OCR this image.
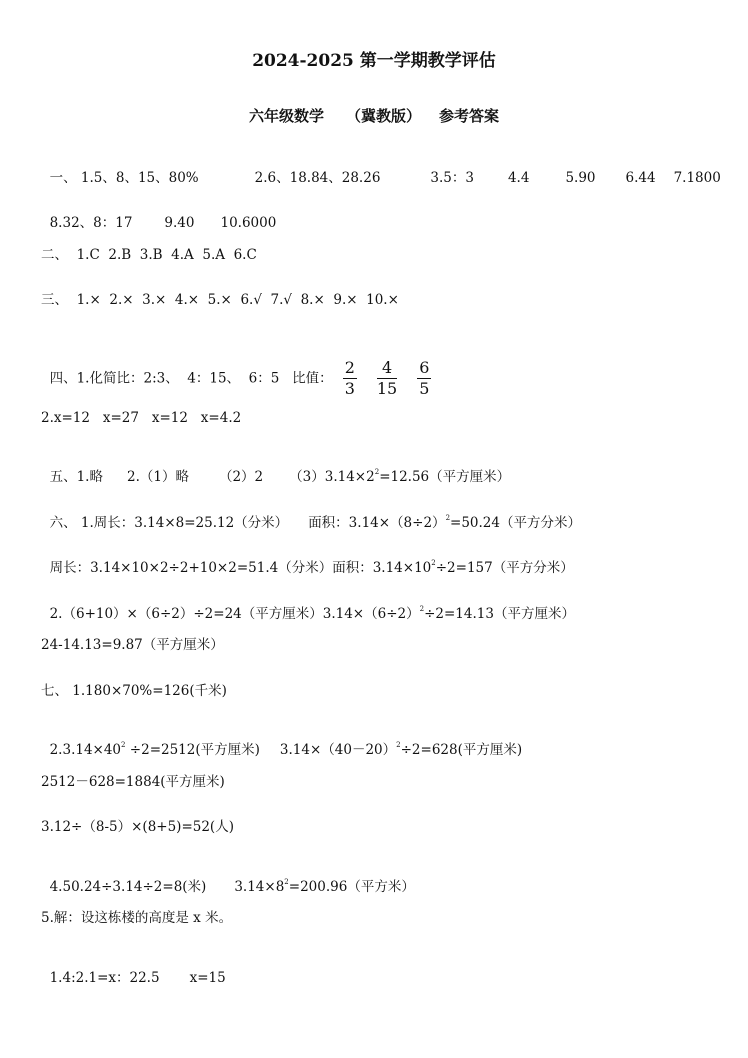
2024-2025 第一学期教学评估
六年级数学 （冀教版） 参考答案

一、 1.5、8、15、80%	2.6、18.84、28.26	3.5：3	4.4	5.90 6.44 7.1800

8.32、8：17 9.40 10.6000

二、  1.C  2.B  3.B  4.A  5.A  6.C
三、  1.×  2.×  3.×  4.×  5.×  6.√  7.√  8.×  9.×  10.×

四、1.化简比：2:3、  4：15、  6：5   比值： $\frac{2}{3} \frac{4}{15} \frac{6}{5}$

2.x=12   x=27   x=12   x=4.2

五、1.略 2.（1）略 （2）2 $(3)3.14\times 2^2=12.56$（平方厘米）

六、 1.周长：3.14×8=25.12（分米） 面积：$3.14\times(8\div 2)^2=50.24$（平方分米）

周长：3.14×10×2÷2+10×2=51.4（分米）面积：$3.14\times 10^2\div 2=157$（平方分米）

2.（6+10）×（6÷2）÷2=24（平方厘米）$3.14\times(6\div 2)^2\div 2=14.13$（平方厘米）

24-14.13=9.87（平方厘米）
七、 1.180×70%=126(千米)

$2.3.14\times 40^2 \div 2=2512$(平方厘米) $3.14\times(40-20)^2\div 2=628$(平方厘米)

2512－628=1884(平方厘米)
3.12÷（8-5）×(8+5)=52(人)

4.50.24÷3.14÷2=8(米) $3.14\times 8^2=200.96$（平方米）

5.解：设这栋楼的高度是 x 米。

1.4:2.1=x：22.5 x=15
